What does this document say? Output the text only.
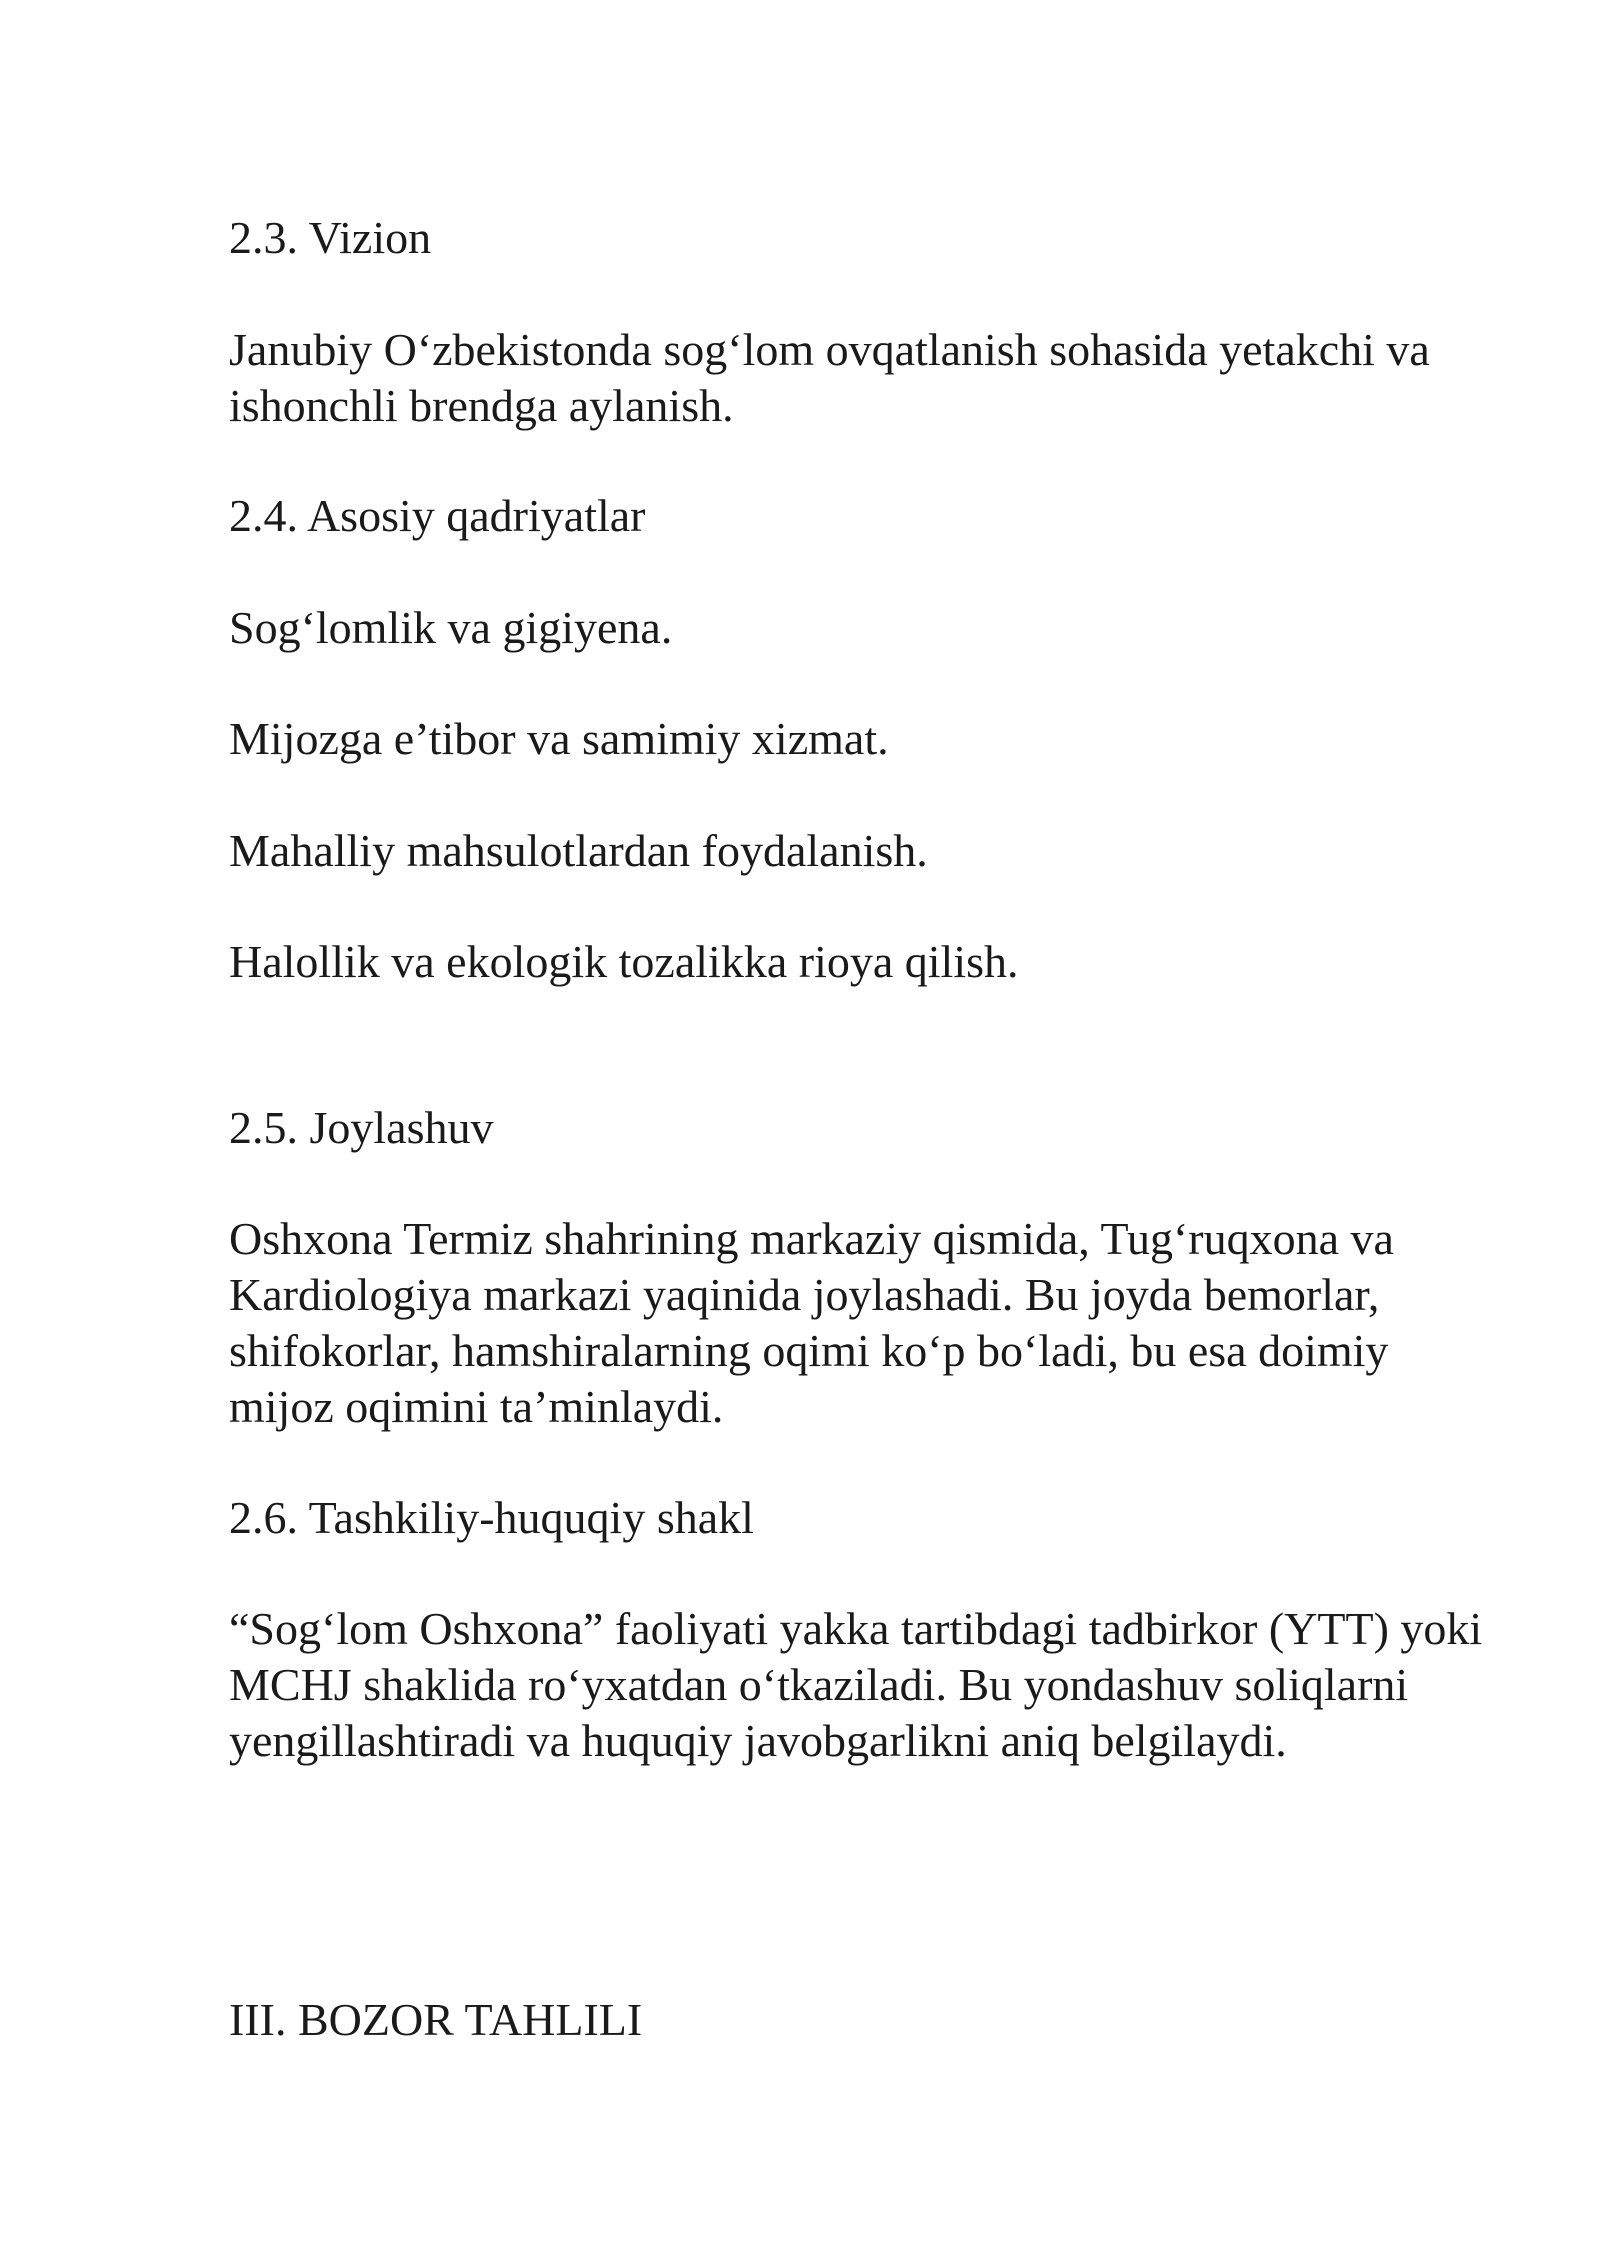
2.3. Vizion

Janubiy O‘zbekistonda sog‘lom ovqatlanish sohasida yetakchi va ishonchli brendga aylanish.

2.4. Asosiy qadriyatlar

Sog‘lomlik va gigiyena.

Mijozga e’tibor va samimiy xizmat.

Mahalliy mahsulotlardan foydalanish.

Halollik va ekologik tozalikka rioya qilish.

2.5. Joylashuv

Oshxona Termiz shahrining markaziy qismida, Tug‘ruqxona va Kardiologiya markazi yaqinida joylashadi. Bu joyda bemorlar, shifokorlar, hamshiralarning oqimi ko‘p bo‘ladi, bu esa doimiy mijoz oqimini ta’minlaydi.

2.6. Tashkiliy-huquqiy shakl

“Sog‘lom Oshxona” faoliyati yakka tartibdagi tadbirkor (YTT) yoki MCHJ shaklida ro‘yxatdan o‘tkaziladi. Bu yondashuv soliqlarni yengillashtiradi va huquqiy javobgarlikni aniq belgilaydi.

III. BOZOR TAHLILI
